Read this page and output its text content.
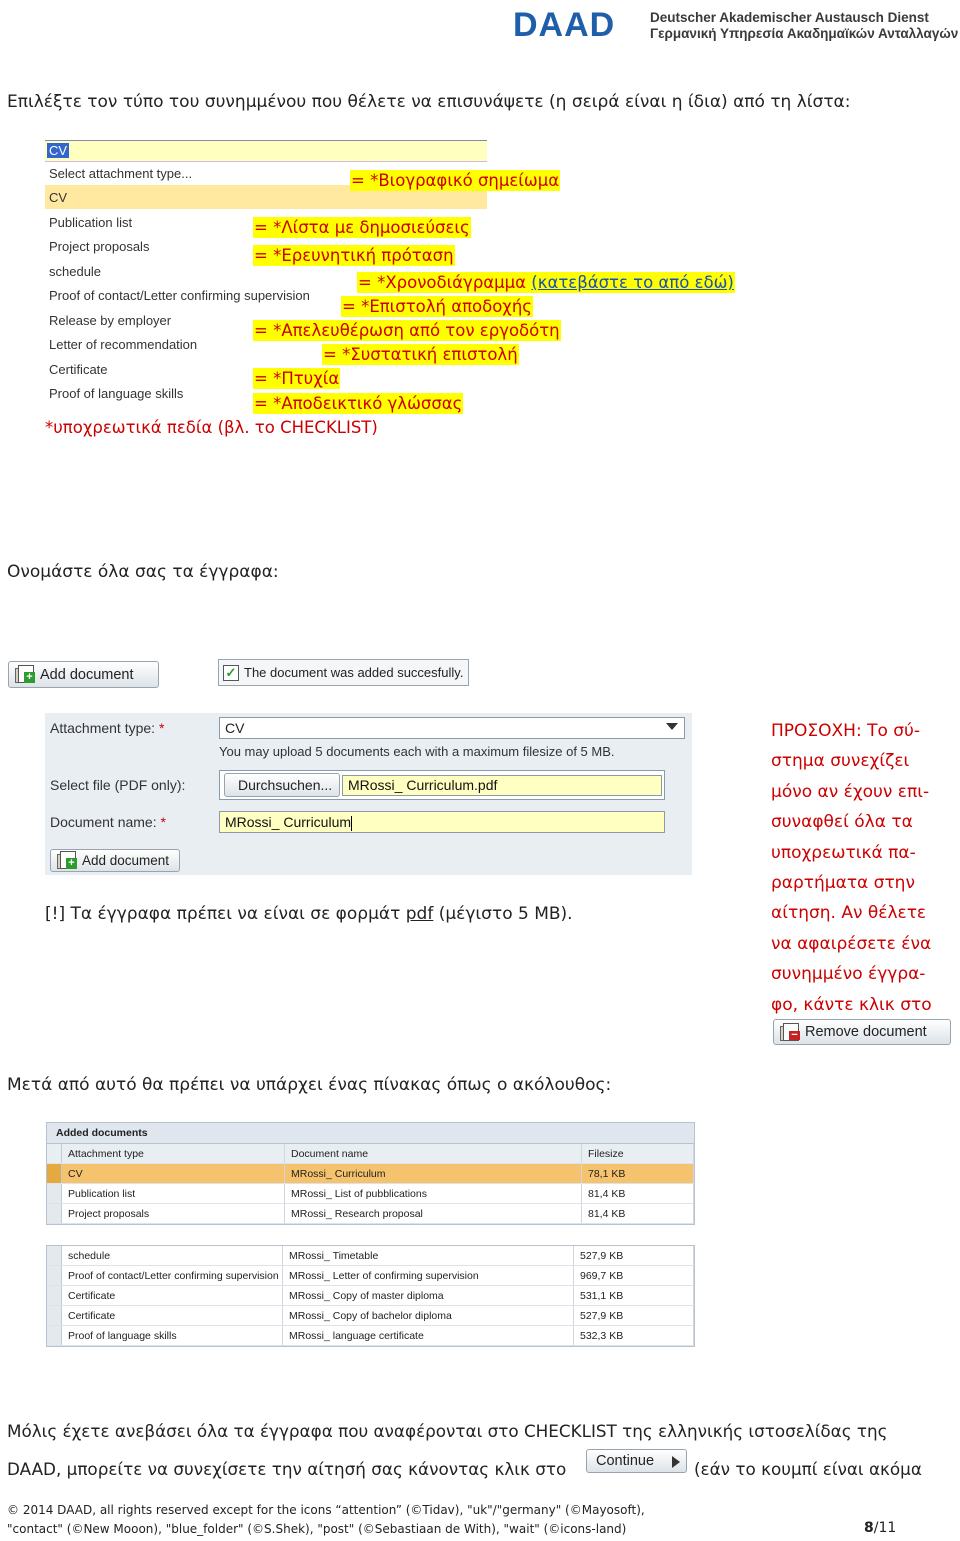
DAAD	Deutscher Akademischer Austausch Dienst
Γερμανική Υπηρεσία Ακαδημαϊκών Ανταλλαγών
Επιλέξτε τον τύπο του συνημμένου που θέλετε να επισυνάψετε (η σειρά είναι η ίδια) από τη λίστα:
CV
Select attachment type...
CV
Publication list
Project proposals
schedule
Proof of contact/Letter confirming supervision
Release by employer
Letter of recommendation
Certificate
Proof of language skills
= *Βιογραφικό σημείωμα
= *Λίστα με δημοσιεύσεις
= *Ερευνητική πρόταση
= *Χρονοδιάγραμμα (κατεβάστε το από εδώ)
= *Επιστολή αποδοχής
= *Απελευθέρωση από τον εργοδότη
= *Συστατική επιστολή
= *Πτυχία
= *Αποδεικτικό γλώσσας
*υποχρεωτικά πεδία (βλ. το CHECKLIST)
Ονομάστε όλα σας τα έγγραφα:
+ Add document	✓ The document was added succesfully.
Attachment type: *	CV
You may upload 5 documents each with a maximum filesize of 5 MB.
Select file (PDF only):	Durchsuchen...	MRossi_ Curriculum.pdf
Document name: *	MRossi_ Curriculum
+ Add document
[!] Τα έγγραφα πρέπει να είναι σε φορμάτ pdf (μέγιστο 5 MB).
ΠΡΟΣΟΧΗ: Το σύ-
στημα συνεχίζει
μόνο αν έχουν επι-
συναφθεί όλα τα
υποχρεωτικά πα-
ραρτήματα στην
αίτηση. Αν θέλετε
να αφαιρέσετε ένα
συνημμένο έγγρα-
φο, κάντε κλικ στο
− Remove document
Μετά από αυτό θα πρέπει να υπάρχει ένας πίνακας όπως ο ακόλουθος:
Added documents
	Attachment type	Document name	Filesize
	CV	MRossi_ Curriculum	78,1 KB
	Publication list	MRossi_ List of pubblications	81,4 KB
	Project proposals	MRossi_ Research proposal	81,4 KB
	schedule	MRossi_ Timetable	527,9 KB
	Proof of contact/Letter confirming supervision	MRossi_ Letter of confirming supervision	969,7 KB
	Certificate	MRossi_ Copy of master diploma	531,1 KB
	Certificate	MRossi_ Copy of bachelor diploma	527,9 KB
	Proof of language skills	MRossi_ language certificate	532,3 KB
Μόλις έχετε ανεβάσει όλα τα έγγραφα που αναφέρονται στο CHECKLIST της ελληνικής ιστοσελίδας της
DAAD, μπορείτε να συνεχίσετε την αίτησή σας κάνοντας κλικ στο Continue (εάν το κουμπί είναι ακόμα
© 2014 DAAD, all rights reserved except for the icons “attention” (©Tidav), "uk"/"germany" (©Mayosoft),
"contact" (©New Mooon), "blue_folder" (©S.Shek), "post" (©Sebastiaan de With), "wait" (©icons-land)	8/11
